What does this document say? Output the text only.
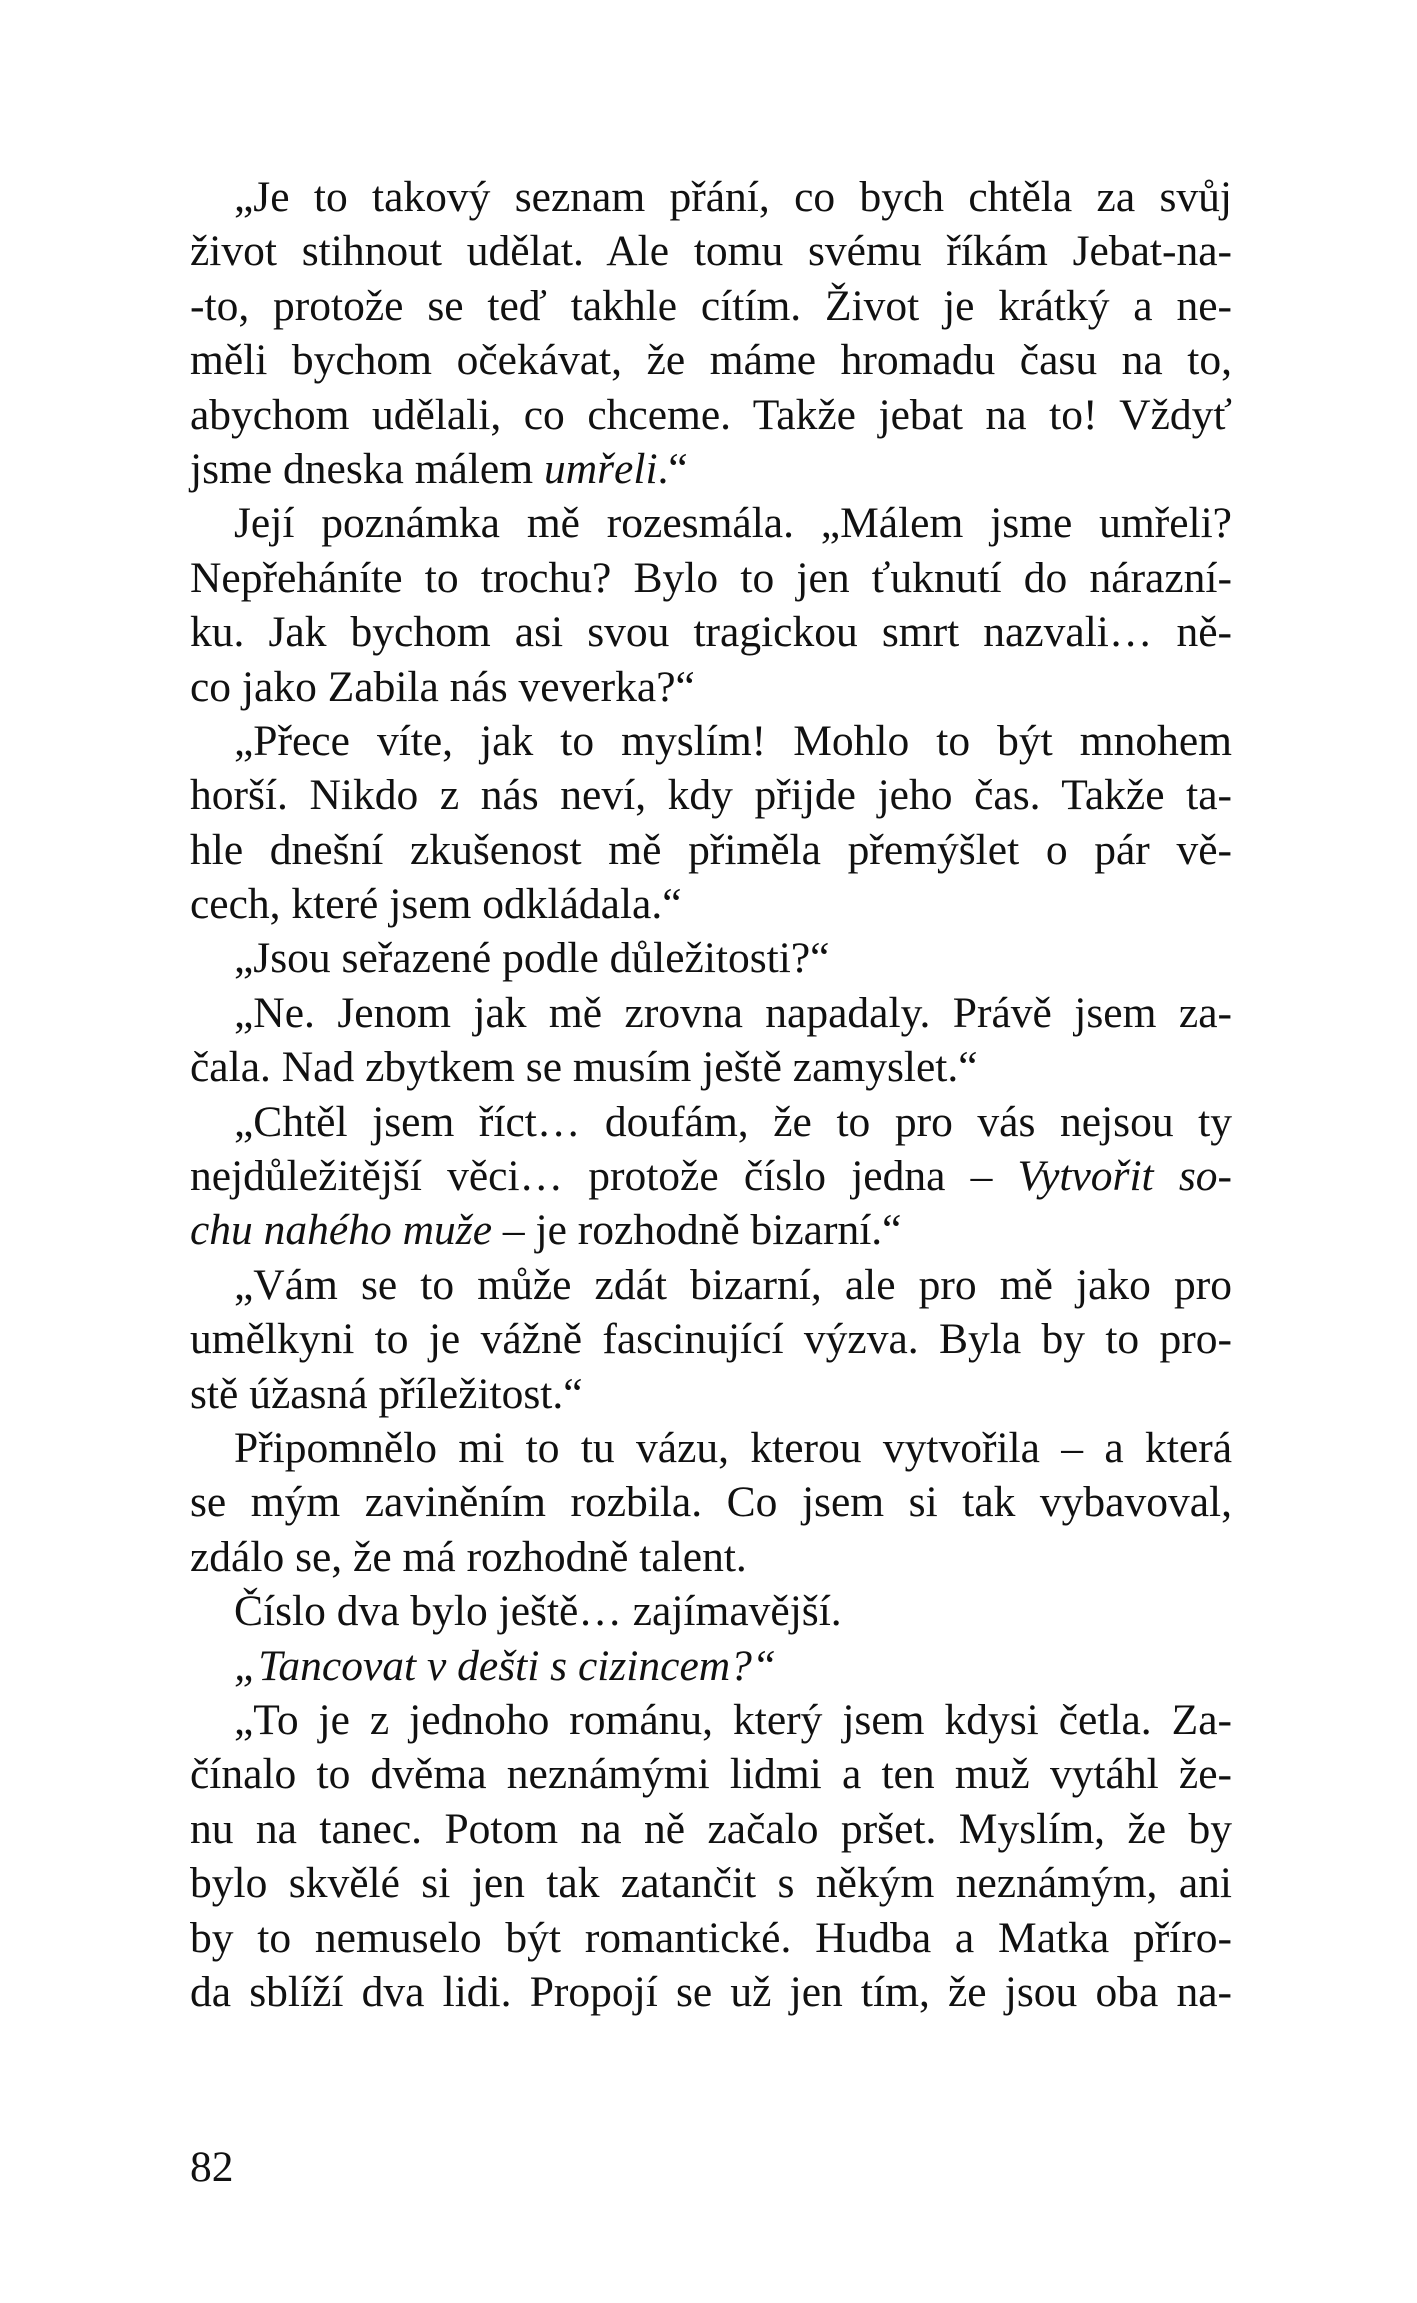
„Je to takový seznam přání, co bych chtěla za svůj
život stihnout udělat. Ale tomu svému říkám Jebat-na-
-to, protože se teď takhle cítím. Život je krátký a ne-
měli bychom očekávat, že máme hromadu času na to,
abychom udělali, co chceme. Takže jebat na to! Vždyť
jsme dneska málem umřeli.“
Její poznámka mě rozesmála. „Málem jsme umřeli?
Nepřeháníte to trochu? Bylo to jen ťuknutí do nárazní-
ku. Jak bychom asi svou tragickou smrt nazvali… ně-
co jako Zabila nás veverka?“
„Přece víte, jak to myslím! Mohlo to být mnohem
horší. Nikdo z nás neví, kdy přijde jeho čas. Takže ta-
hle dnešní zkušenost mě přiměla přemýšlet o pár vě-
cech, které jsem odkládala.“
„Jsou seřazené podle důležitosti?“
„Ne. Jenom jak mě zrovna napadaly. Právě jsem za-
čala. Nad zbytkem se musím ještě zamyslet.“
„Chtěl jsem říct… doufám, že to pro vás nejsou ty
nejdůležitější věci… protože číslo jedna – Vytvořit so-
chu nahého muže – je rozhodně bizarní.“
„Vám se to může zdát bizarní, ale pro mě jako pro
umělkyni to je vážně fascinující výzva. Byla by to pro-
stě úžasná příležitost.“
Připomnělo mi to tu vázu, kterou vytvořila – a která
se mým zaviněním rozbila. Co jsem si tak vybavoval,
zdálo se, že má rozhodně talent.
Číslo dva bylo ještě… zajímavější.
„Tancovat v dešti s cizincem?“
„To je z jednoho románu, který jsem kdysi četla. Za-
čínalo to dvěma neznámými lidmi a ten muž vytáhl že-
nu na tanec. Potom na ně začalo pršet. Myslím, že by
bylo skvělé si jen tak zatančit s někým neznámým, ani
by to nemuselo být romantické. Hudba a Matka příro-
da sblíží dva lidi. Propojí se už jen tím, že jsou oba na-
82
